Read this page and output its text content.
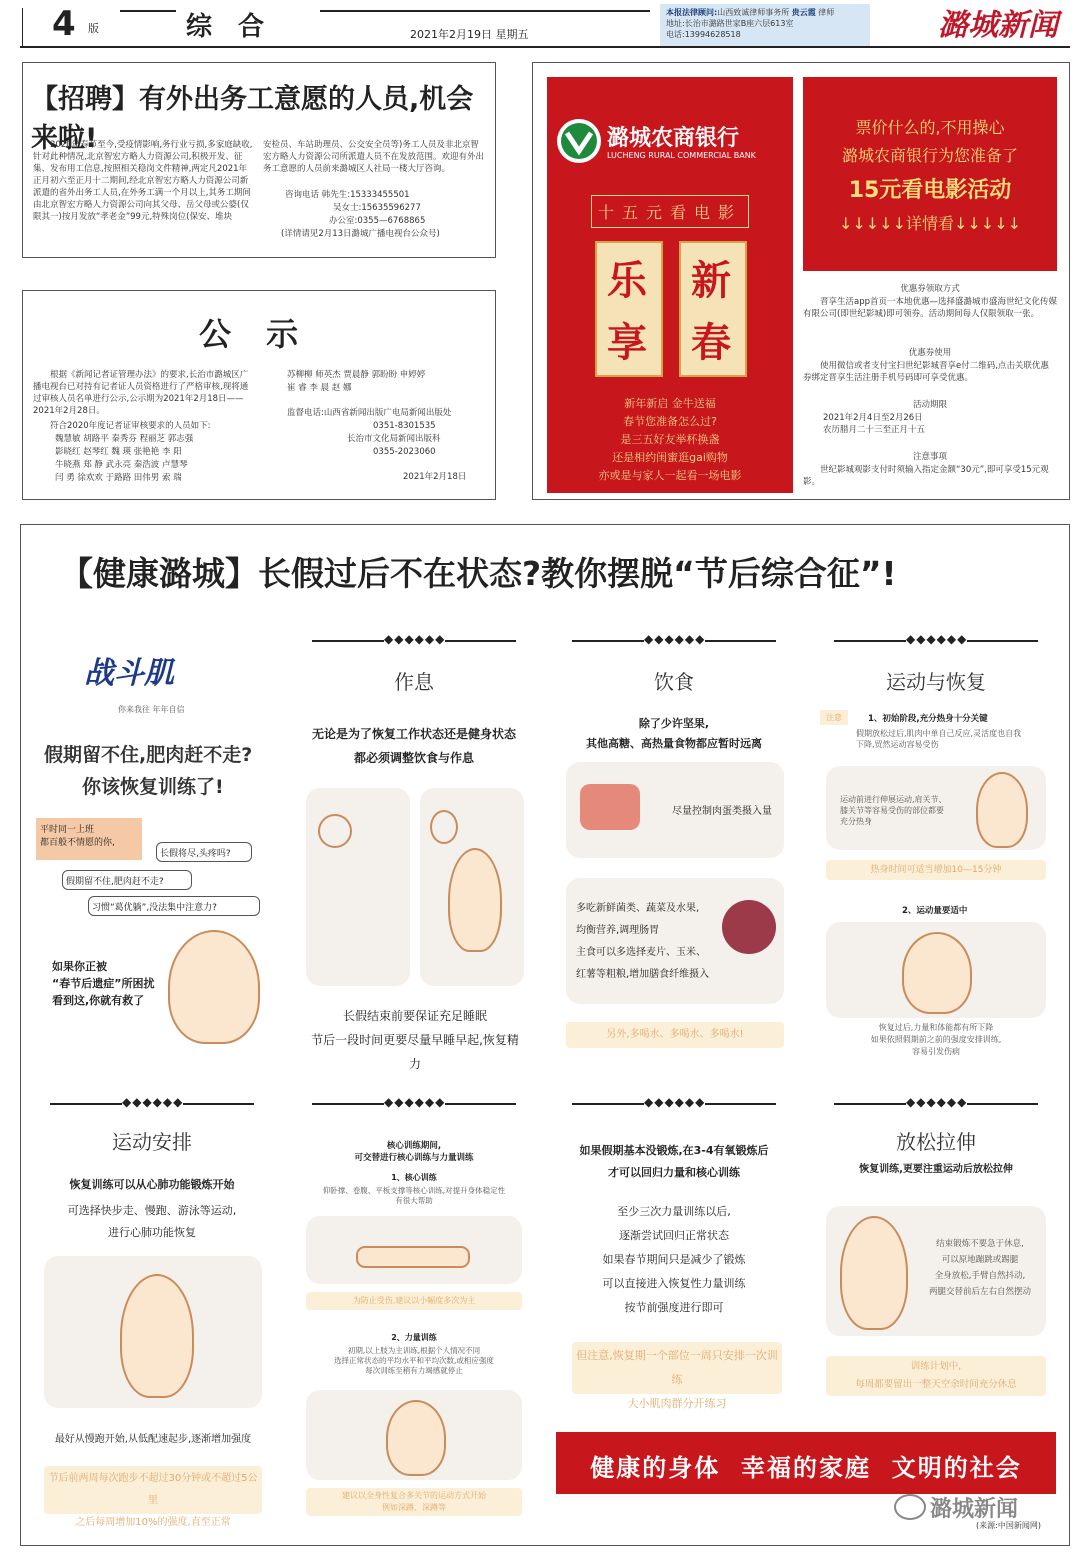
4 版	综合	2021年2月19日 星期五
本报法律顾问:山西致诚律师事务所 贵云霞 律师
地址:长治市潞路世家B座六层613室
电话:13994628518	潞城新闻
【招聘】有外出务工意愿的人员,机会来啦!
2020年春节至今,受疫情影响,务行业亏损,多家庭缺收,针对此种情况,北京智宏方略人力资源公司,积极开发、征集、发布用工信息,按照相关稳岗文件精神,两定凡2021年正月初六至正月十二期间,经北京智宏方略人力资源公司新派遣的省外出务工人员,在外务工满一个月以上,其务工期间由北京智宏方略人力资源公司向其父母、岳父母或公婆(仅限其一)按月发放“孝老金”99元,特殊岗位(保安、堆块
安检员、车站助理员、公交安全员等)务工人员及非北京智宏方略人力资源公司所派遣人员不在发放范围。欢迎有外出务工意愿的人员前来潞城区人社局一楼大厅咨询。
咨询电话 韩先生:15333455501
吴女士:15635596277
办公室:0355—6768865
(详情请见2月13日潞城广播电视台公众号)
公 示
根据《新闻记者证管理办法》的要求,长治市潞城区广播电视台已对持有记者证人员资格进行了严格审核,现将通过审核人员名单进行公示,公示期为2021年2月18日——2021年2月28日。
符合2020年度记者证审核要求的人员如下:
魏慧敏 胡路平 秦秀芬 程丽芝 郭志强
影晓红 赵琴红 魏 瑛 张艳艳 李 阳
牛晓燕 郑 静 武永亮 秦浩波 卢慧琴
闫 勇 徐欢欢 于路路 田伟男 索 瑞
苏柳柳 师英杰 贾晨静 郭盼盼 申婷婷
崔 睿 李 晨 赵 娜
监督电话:山西省新闻出版广电局新闻出版处
0351-8301535
长治市文化局新闻出版科
0355-2023060
2021年2月18日
潞城农商银行
LUCHENG RURAL COMMERCIAL BANK
十五元看电影
乐 新
享 春
新年新启 金牛送福
春节您准备怎么过?
是三五好友举杯换盏
还是相约闺蜜逛gai购物
亦或是与家人一起看一场电影
票价什么的,不用操心
潞城农商银行为您准备了
15元看电影活动
↓↓↓↓↓详情看↓↓↓↓↓
优惠券领取方式
晋享生活app首页一本地优惠—选择盛潞城市盛海世纪文化传媒有限公司(即世纪影城)即可领券。活动期间每人仅限领取一张。
优惠券使用
使用微信或者支付宝扫世纪影城晋享e付二维码,点击关联优惠券绑定晋享生活注册手机号码即可享受优惠。
活动期限
2021年2月4日至2月26日
农历腊月二十三至正月十五
注意事项
世纪影城观影支付时须输入指定金额“30元”,即可享受15元观影。
【健康潞城】长假过后不在状态?教你摆脱“节后综合征”!
战斗肌
你来我往 年年自信
假期留不住,肥肉赶不走?
你该恢复训练了!
平时同一上班
都百般不情愿的你,
长假将尽,头疼吗?
假期留不住,肥肉赶不走?
习惯“葛优躺”,没法集中注意力?
如果你正被
“春节后遗症”所困扰
看到这,你就有救了
◆◆◆◆◆◆
作息
无论是为了恢复工作状态还是健身状态
都必须调整饮食与作息
长假结束前要保证充足睡眠
节后一段时间更要尽量早睡早起,恢复精力
◆◆◆◆◆◆
饮食
除了少许坚果,
其他高糖、高热量食物都应暂时远离
尽量控制肉蛋类摄入量
多吃新鲜菌类、蔬菜及水果,
均衡营养,调理肠胃
主食可以多选择麦片、玉米、
红薯等粗粮,增加膳食纤维摄入
另外,多喝水、多喝水、多喝水!
◆◆◆◆◆◆
运动与恢复
注意	1、初始阶段,充分热身十分关键
假期放松过后,肌肉中单自己反应,灵活度也自我下降,贸然运动容易受伤
运动前进行伸展运动,肩关节、膝关节等容易受伤的部位都要充分热身
热身时间可适当增加10—15分钟
2、运动量要适中
恢复过后,力量和体能都有所下降
如果依照假期前之前的强度安排训练,
容易引发伤病
◆◆◆◆◆◆
运动安排
恢复训练可以从心肺功能锻炼开始
可选择快步走、慢跑、游泳等运动,
进行心肺功能恢复
最好从慢跑开始,从低配速起步,逐渐增加强度
节后前两周每次跑步不超过30分钟或不超过5公里
之后每周增加10%的强度,直至正常
◆◆◆◆◆◆
核心训练期间,
可交替进行核心训练与力量训练
1、核心训练
仰卧撑、卷腹、平板支撑等核心训练,对提升身体稳定性有很大帮助
为防止受伤,建议以小幅度多次为主
2、力量训练
初期,以上肢为主训练,根据个人情况不同
选择正常状态的平均水平和平均次数,或相应强度
每次训练至稍有力竭感就停止
建议以全身性复合多关节的运动方式开始
例如深蹲、深蹲等
◆◆◆◆◆◆
如果假期基本没锻炼,在3-4有氧锻炼后
才可以回归力量和核心训练
至少三次力量训练以后,
逐渐尝试回归正常状态
如果春节期间只是减少了锻炼
可以直接进入恢复性力量训练
按节前强度进行即可
但注意,恢复期一个部位一周只安排一次训练
大小肌肉群分开练习
◆◆◆◆◆◆
放松拉伸
恢复训练,更要注重运动后放松拉伸
结束锻炼不要急于休息,
可以原地蹦跳或踢腿
全身放松,手臂自然抖动,
两腿交替前后左右自然摆动
训练计划中,
每周都要留出一整天空余时间充分休息
健康的身体  幸福的家庭  文明的社会
潞城新闻
(来源:中国新闻网)
